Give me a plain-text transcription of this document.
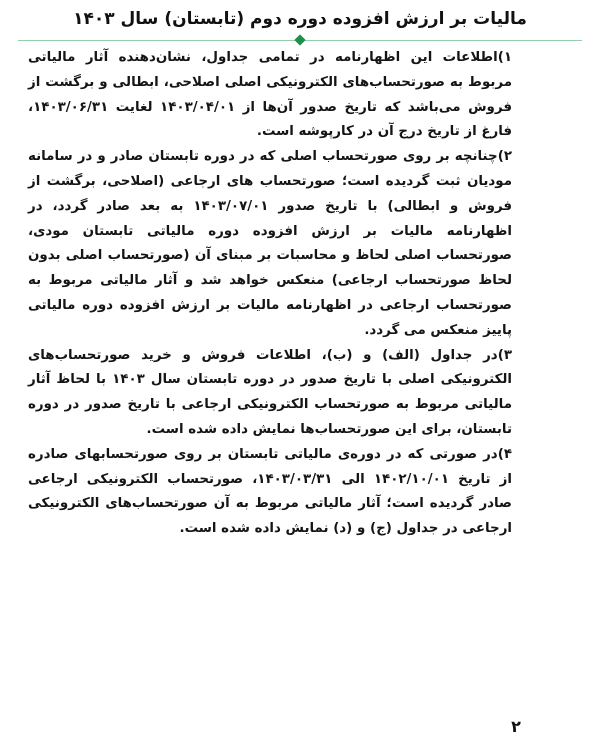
مالیات بر ارزش افزوده دوره دوم (تابستان) سال ۱۴۰۳

۱)اطلاعات این اظهارنامه در تمامی جداول، نشان‌دهنده آثار مالیاتی مربوط به صورتحساب‌های الکترونیکی اصلی اصلاحی، ابطالی و برگشت از فروش می‌باشد که تاریخ صدور آن‌ها از ۱۴۰۳/۰۴/۰۱ لغایت ۱۴۰۳/۰۶/۳۱، فارغ از تاریخ درج آن در کارپوشه است.

۲)چنانچه بر روی صورتحساب اصلی که در دوره تابستان صادر و در سامانه مودیان ثبت گردیده است؛ صورتحساب های ارجاعی (اصلاحی، برگشت از فروش و ابطالی) با تاریخ صدور ۱۴۰۳/۰۷/۰۱ به بعد صادر گردد، در اظهارنامه مالیات بر ارزش افزوده دوره مالیاتی تابستان مودی، صورتحساب اصلی لحاظ و محاسبات بر مبنای آن (صورتحساب اصلی بدون لحاظ صورتحساب ارجاعی) منعکس خواهد شد و آثار مالیاتی مربوط به صورتحساب ارجاعی در اظهارنامه مالیات بر ارزش افزوده دوره مالیاتی پاییز منعکس می گردد.

۳)در جداول (الف) و (ب)، اطلاعات فروش و خرید صورتحساب‌های الکترونیکی اصلی با تاریخ صدور در دوره تابستان سال ۱۴۰۳ با لحاظ آثار مالیاتی مربوط به صورتحساب الکترونیکی ارجاعی با تاریخ صدور در دوره تابستان، برای این صورتحساب‌ها نمایش داده شده است.

۴)در صورتی که در دوره‌ی مالیاتی تابستان بر روی صورتحسابهای صادره از تاریخ ۱۴۰۲/۱۰/۰۱ الی ۱۴۰۳/۰۳/۳۱، صورتحساب الکترونیکی ارجاعی صادر گردیده است؛ آثار مالیاتی مربوط به آن صورتحساب‌های الکترونیکی ارجاعی در جداول (ج) و (د) نمایش داده شده است.

۲
